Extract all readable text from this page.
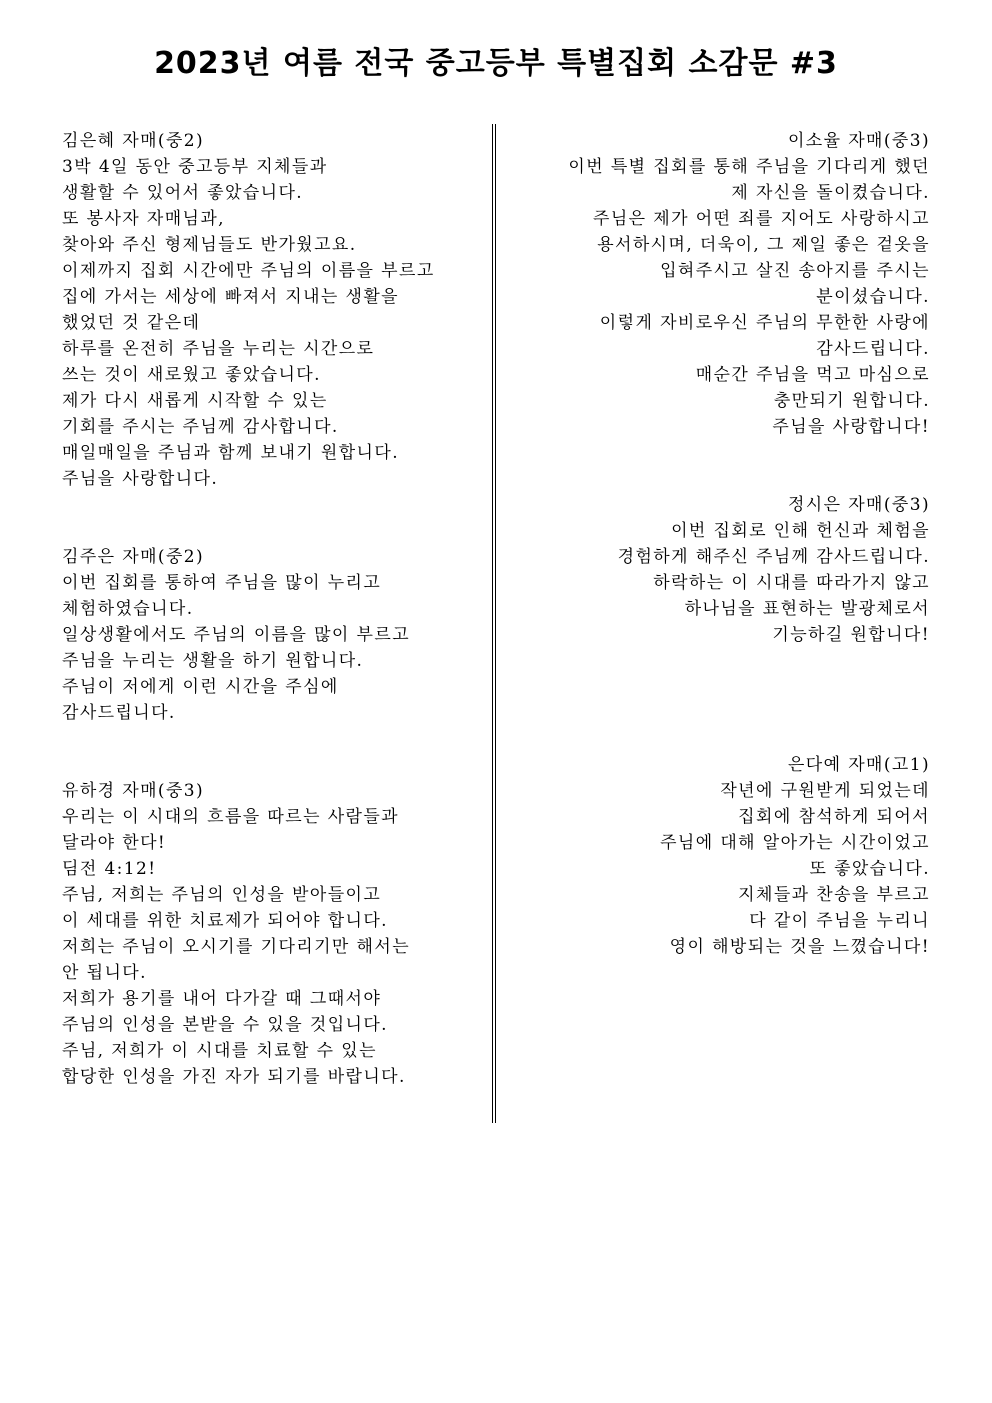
2023년 여름 전국 중고등부 특별집회 소감문 #3
김은혜 자매(중2)
3박 4일 동안 중고등부 지체들과
생활할 수 있어서 좋았습니다.
또 봉사자 자매님과,
찾아와 주신 형제님들도 반가웠고요.
이제까지 집회 시간에만 주님의 이름을 부르고
집에 가서는 세상에 빠져서 지내는 생활을
했었던 것 같은데
하루를 온전히 주님을 누리는 시간으로
쓰는 것이 새로웠고 좋았습니다.
제가 다시 새롭게 시작할 수 있는
기회를 주시는 주님께 감사합니다.
매일매일을 주님과 함께 보내기 원합니다.
주님을 사랑합니다.
김주은 자매(중2)
이번 집회를 통하여 주님을 많이 누리고
체험하였습니다.
일상생활에서도 주님의 이름을 많이 부르고
주님을 누리는 생활을 하기 원합니다.
주님이 저에게 이런 시간을 주심에
감사드립니다.
유하경 자매(중3)
우리는 이 시대의 흐름을 따르는 사람들과
달라야 한다!
딤전 4:12!
주님, 저희는 주님의 인성을 받아들이고
이 세대를 위한 치료제가 되어야 합니다.
저희는 주님이 오시기를 기다리기만 해서는
안 됩니다.
저희가 용기를 내어 다가갈 때 그때서야
주님의 인성을 본받을 수 있을 것입니다.
주님, 저희가 이 시대를 치료할 수 있는
합당한 인성을 가진 자가 되기를 바랍니다.
이소율 자매(중3)
이번 특별 집회를 통해 주님을 기다리게 했던
제 자신을 돌이켰습니다.
주님은 제가 어떤 죄를 지어도 사랑하시고
용서하시며, 더욱이, 그 제일 좋은 겉옷을
입혀주시고 살진 송아지를 주시는
분이셨습니다.
이렇게 자비로우신 주님의 무한한 사랑에
감사드립니다.
매순간 주님을 먹고 마심으로
충만되기 원합니다.
주님을 사랑합니다!
정시은 자매(중3)
이번 집회로 인해 헌신과 체험을
경험하게 해주신 주님께 감사드립니다.
하락하는 이 시대를 따라가지 않고
하나님을 표현하는 발광체로서
기능하길 원합니다!
은다예 자매(고1)
작년에 구원받게 되었는데
집회에 참석하게 되어서
주님에 대해 알아가는 시간이었고
또 좋았습니다.
지체들과 찬송을 부르고
다 같이 주님을 누리니
영이 해방되는 것을 느꼈습니다!
